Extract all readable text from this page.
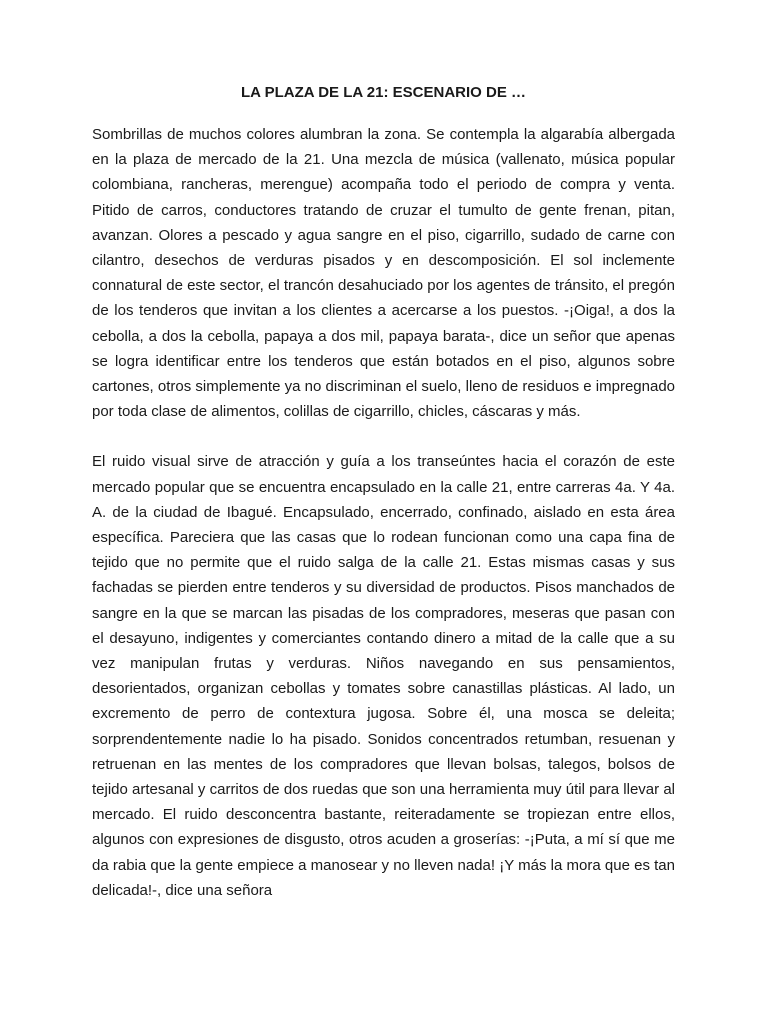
LA PLAZA DE LA 21: ESCENARIO DE …

Sombrillas de muchos colores alumbran la zona. Se contempla la algarabía albergada en la plaza de mercado de la 21. Una mezcla de música (vallenato, música popular colombiana, rancheras, merengue) acompaña todo el periodo de compra y venta. Pitido de carros, conductores tratando de cruzar el tumulto de gente frenan, pitan, avanzan. Olores a pescado y agua sangre en el piso, cigarrillo, sudado de carne con cilantro, desechos de verduras pisados y en descomposición. El sol inclemente connatural de este sector, el trancón desahuciado por los agentes de tránsito, el pregón de los tenderos que invitan a los clientes a acercarse a los puestos. -¡Oiga!, a dos la cebolla, a dos la cebolla, papaya a dos mil, papaya barata-, dice un señor que apenas se logra identificar entre los tenderos que están botados en el piso, algunos sobre cartones, otros simplemente ya no discriminan el suelo, lleno de residuos e impregnado por toda clase de alimentos, colillas de cigarrillo, chicles, cáscaras y más.

El ruido visual sirve de atracción y guía a los transeúntes hacia el corazón de este mercado popular que se encuentra encapsulado en la calle 21, entre carreras 4a. Y 4a. A. de la ciudad de Ibagué. Encapsulado, encerrado, confinado, aislado en esta área específica. Pareciera que las casas que lo rodean funcionan como una capa fina de tejido que no permite que el ruido salga de la calle 21. Estas mismas casas y sus fachadas se pierden entre tenderos y su diversidad de productos. Pisos manchados de sangre en la que se marcan las pisadas de los compradores, meseras que pasan con el desayuno, indigentes y comerciantes contando dinero a mitad de la calle que a su vez manipulan frutas y verduras. Niños navegando en sus pensamientos, desorientados, organizan cebollas y tomates sobre canastillas plásticas. Al lado, un excremento de perro de contextura jugosa. Sobre él, una mosca se deleita; sorprendentemente nadie lo ha pisado. Sonidos concentrados retumban, resuenan y retruenan en las mentes de los compradores que llevan bolsas, talegos, bolsos de tejido artesanal y carritos de dos ruedas que son una herramienta muy útil para llevar al mercado. El ruido desconcentra bastante, reiteradamente se tropiezan entre ellos, algunos con expresiones de disgusto, otros acuden a groserías: -¡Puta, a mí sí que me da rabia que la gente empiece a manosear y no lleven nada! ¡Y más la mora que es tan delicada!-, dice una señora
